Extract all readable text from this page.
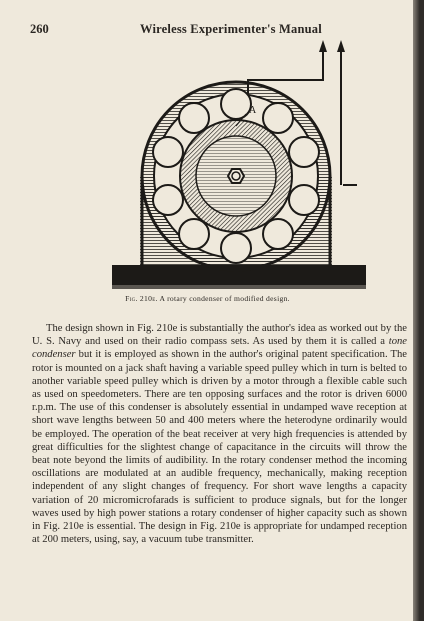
260	Wireless Experimenter's Manual
A
Fig. 210e. A rotary condenser of modified design.

The design shown in Fig. 210e is substantially the author's idea as worked out by the U. S. Navy and used on their radio compass sets. As used by them it is called a tone condenser but it is employed as shown in the author's original patent specification. The rotor is mounted on a jack shaft having a variable speed pulley which in turn is belted to another variable speed pulley which is driven by a motor through a flexible cable such as used on speedometers. There are ten opposing surfaces and the rotor is driven 6000 r.p.m. The use of this condenser is absolutely essential in undamped wave reception at short wave lengths between 50 and 400 meters where the heterodyne ordinarily would be employed. The operation of the beat receiver at very high frequencies is attended by great difficulties for the slightest change of capacitance in the circuits will throw the beat note beyond the limits of audibility. In the rotary condenser method the incoming oscillations are modulated at an audible frequency, mechanically, making reception independent of any slight changes of frequency. For short wave lengths a capacity variation of 20 micromicrofarads is sufficient to produce signals, but for the longer waves used by high power stations a rotary condenser of higher capacity such as shown in Fig. 210e is essential. The design in Fig. 210e is appropriate for undamped reception at 200 meters, using, say, a vacuum tube transmitter.
